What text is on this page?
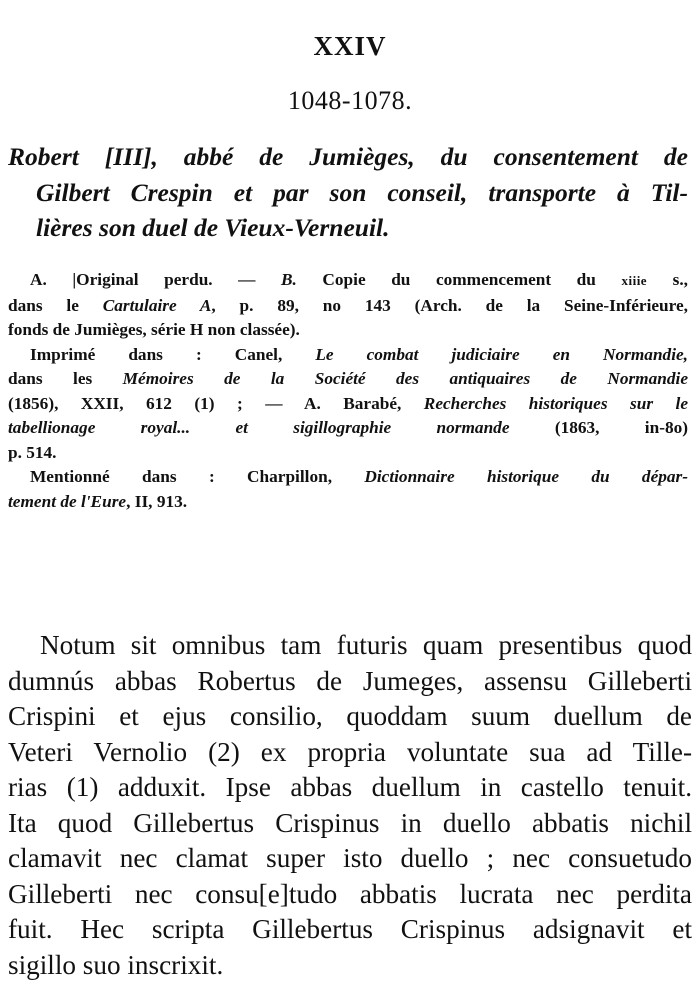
XXIV
1048-1078.
Robert [III], abbé de Jumièges, du consentement de
Gilbert Crespin et par son conseil, transporte à Til-
lières son duel de Vieux-Verneuil.
A. |Original perdu. — B. Copie du commencement du xiiie s.,
dans le Cartulaire A, p. 89, no 143 (Arch. de la Seine-Inférieure,
fonds de Jumièges, série H non classée).
Imprimé dans : Canel, Le combat judiciaire en Normandie,
dans les Mémoires de la Société des antiquaires de Normandie
(1856), XXII, 612 (1) ; — A. Barabé, Recherches historiques sur le
tabellionage royal... et sigillographie normande (1863, in-8o)
p. 514.
Mentionné dans : Charpillon, Dictionnaire historique du dépar-
tement de l'Eure, II, 913.
Notum sit omnibus tam futuris quam presentibus quod
dumnús abbas Robertus de Jumeges, assensu Gilleberti
Crispini et ejus consilio, quoddam suum duellum de
Veteri Vernolio (2) ex propria voluntate sua ad Tille-
rias (1) adduxit. Ipse abbas duellum in castello tenuit.
Ita quod Gillebertus Crispinus in duello abbatis nichil
clamavit nec clamat super isto duello ; nec consuetudo
Gilleberti nec consu[e]tudo abbatis lucrata nec perdita
fuit. Hec scripta Gillebertus Crispinus adsignavit et
sigillo suo inscrixit.
